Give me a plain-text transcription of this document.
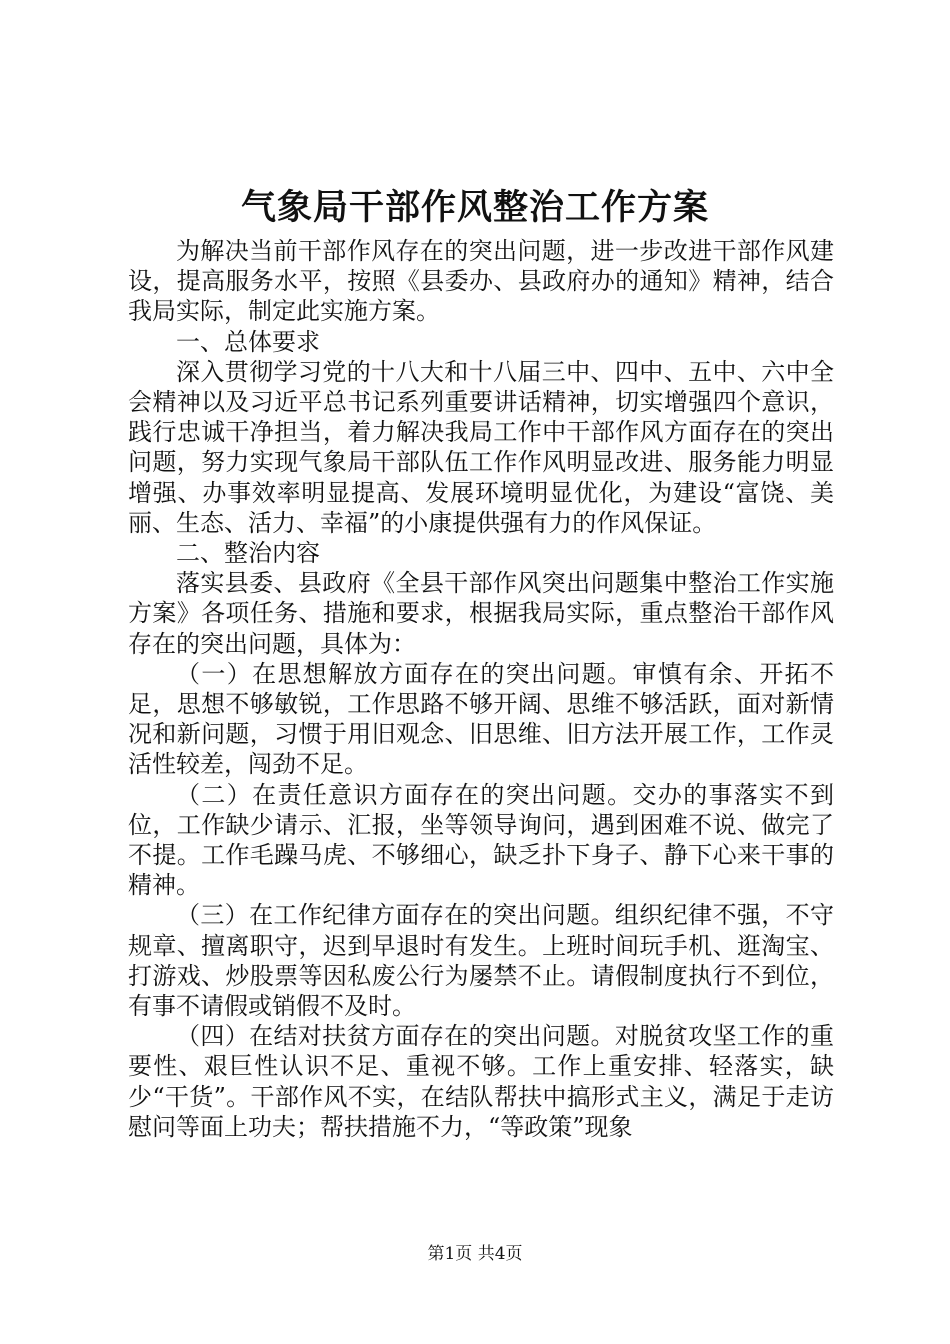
气象局干部作风整治工作方案

为解决当前干部作风存在的突出问题，进一步改进干部作风建设，提高服务水平，按照《县委办、县政府办的通知》精神，结合我局实际，制定此实施方案。

一、总体要求

深入贯彻学习党的十八大和十八届三中、四中、五中、六中全会精神以及习近平总书记系列重要讲话精神，切实增强四个意识，践行忠诚干净担当，着力解决我局工作中干部作风方面存在的突出问题，努力实现气象局干部队伍工作作风明显改进、服务能力明显增强、办事效率明显提高、发展环境明显优化，为建设“富饶、美丽、生态、活力、幸福”的小康提供强有力的作风保证。

二、整治内容

落实县委、县政府《全县干部作风突出问题集中整治工作实施方案》各项任务、措施和要求，根据我局实际，重点整治干部作风存在的突出问题，具体为：

（一）在思想解放方面存在的突出问题。审慎有余、开拓不足，思想不够敏锐，工作思路不够开阔、思维不够活跃，面对新情况和新问题，习惯于用旧观念、旧思维、旧方法开展工作，工作灵活性较差，闯劲不足。

（二）在责任意识方面存在的突出问题。交办的事落实不到位，工作缺少请示、汇报，坐等领导询问，遇到困难不说、做完了不提。工作毛躁马虎、不够细心，缺乏扑下身子、静下心来干事的精神。

（三）在工作纪律方面存在的突出问题。组织纪律不强，不守规章、擅离职守，迟到早退时有发生。上班时间玩手机、逛淘宝、打游戏、炒股票等因私废公行为屡禁不止。请假制度执行不到位，有事不请假或销假不及时。

（四）在结对扶贫方面存在的突出问题。对脱贫攻坚工作的重要性、艰巨性认识不足、重视不够。工作上重安排、轻落实，缺少“干货”。干部作风不实，在结队帮扶中搞形式主义，满足于走访慰问等面上功夫；帮扶措施不力，“等政策”现象

第1页 共4页
